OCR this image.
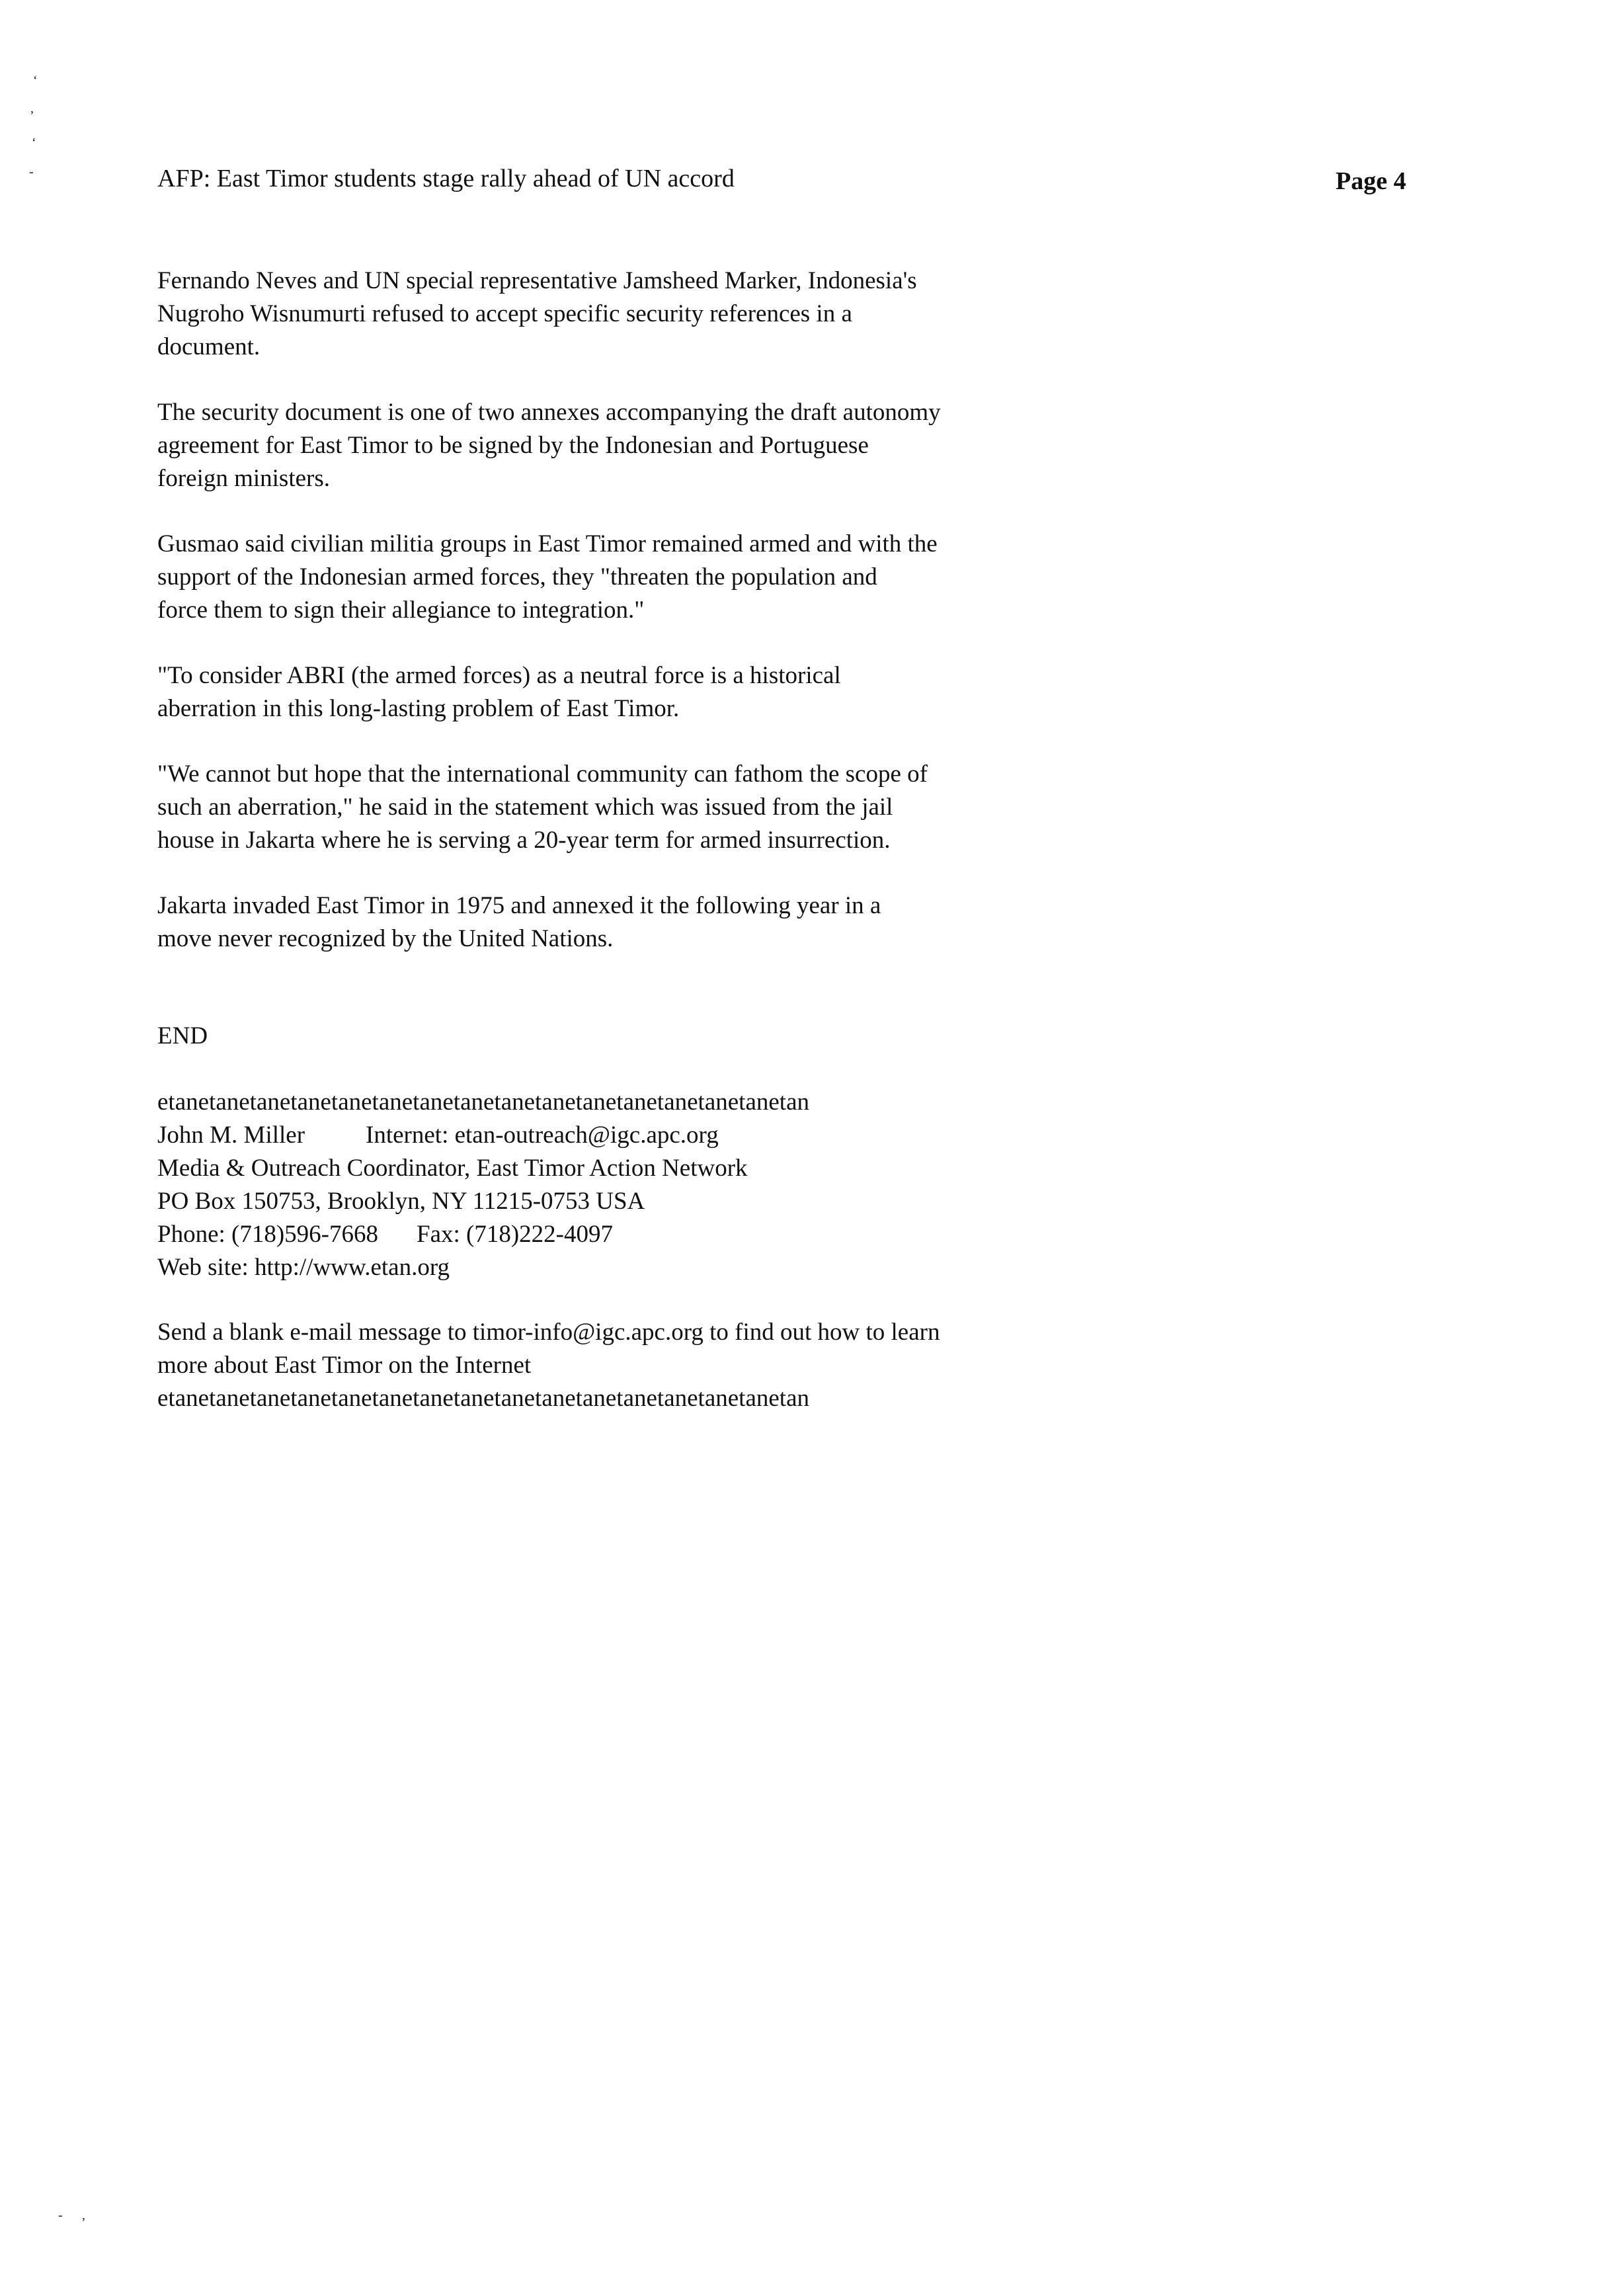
AFP: East Timor students stage rally ahead of UN accord	Page 4
‘
,
‘
-
- ,
Fernando Neves and UN special representative Jamsheed Marker, Indonesia's
Nugroho Wisnumurti refused to accept specific security references in a
document.
The security document is one of two annexes accompanying the draft autonomy
agreement for East Timor to be signed by the Indonesian and Portuguese
foreign ministers.
Gusmao said civilian militia groups in East Timor remained armed and with the
support of the Indonesian armed forces, they "threaten the population and
force them to sign their allegiance to integration."
"To consider ABRI (the armed forces) as a neutral force is a historical
aberration in this long-lasting problem of East Timor.
"We cannot but hope that the international community can fathom the scope of
such an aberration," he said in the statement which was issued from the jail
house in Jakarta where he is serving a 20-year term for armed insurrection.
Jakarta invaded East Timor in 1975 and annexed it the following year in a
move never recognized by the United Nations.
END
etanetanetanetanetanetanetanetanetanetanetanetanetanetanetanetan
John M. Miller Internet: etan-outreach@igc.apc.org
Media & Outreach Coordinator, East Timor Action Network
PO Box 150753, Brooklyn, NY 11215-0753 USA
Phone: (718)596-7668 Fax: (718)222-4097
Web site: http://www.etan.org
Send a blank e-mail message to timor-info@igc.apc.org to find out how to learn
more about East Timor on the Internet
etanetanetanetanetanetanetanetanetanetanetanetanetanetanetanetan
